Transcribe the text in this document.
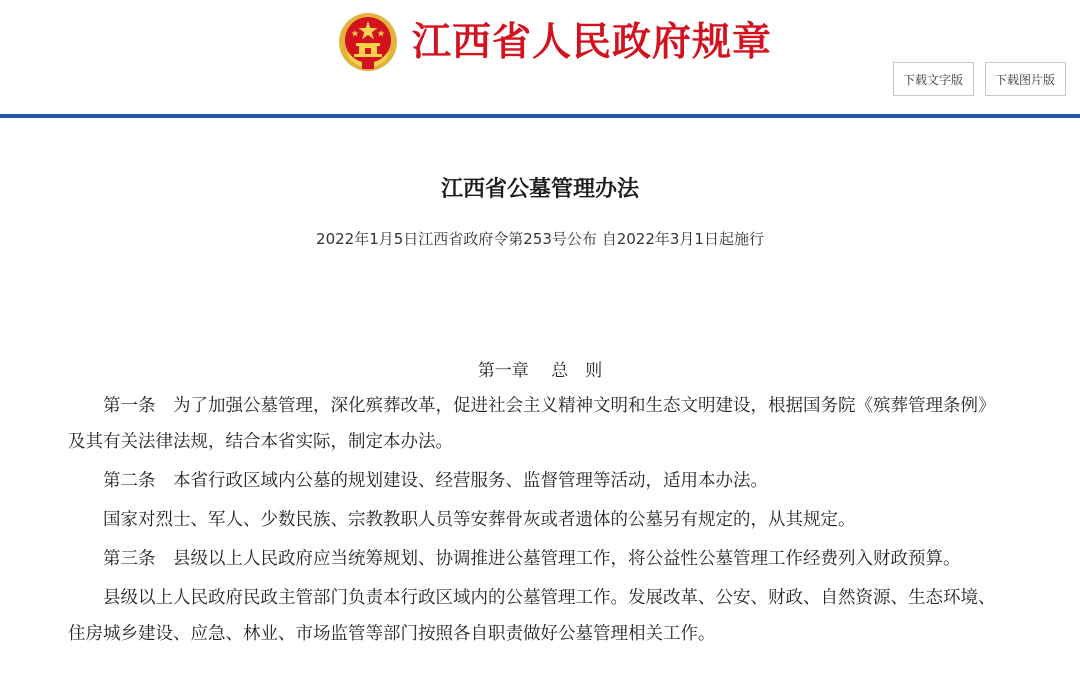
江西省人民政府规章
下载文字版	下载图片版
江西省公墓管理办法
2022年1月5日江西省政府令第253号公布 自2022年3月1日起施行
第一章　 总　则

第一条　为了加强公墓管理，深化殡葬改革，促进社会主义精神文明和生态文明建设，根据国务院《殡葬管理条例》及其有关法律法规，结合本省实际，制定本办法。

第二条　本省行政区域内公墓的规划建设、经营服务、监督管理等活动，适用本办法。

国家对烈士、军人、少数民族、宗教教职人员等安葬骨灰或者遗体的公墓另有规定的，从其规定。

第三条　县级以上人民政府应当统筹规划、协调推进公墓管理工作，将公益性公墓管理工作经费列入财政预算。

县级以上人民政府民政主管部门负责本行政区域内的公墓管理工作。发展改革、公安、财政、自然资源、生态环境、住房城乡建设、应急、林业、市场监管等部门按照各自职责做好公墓管理相关工作。
